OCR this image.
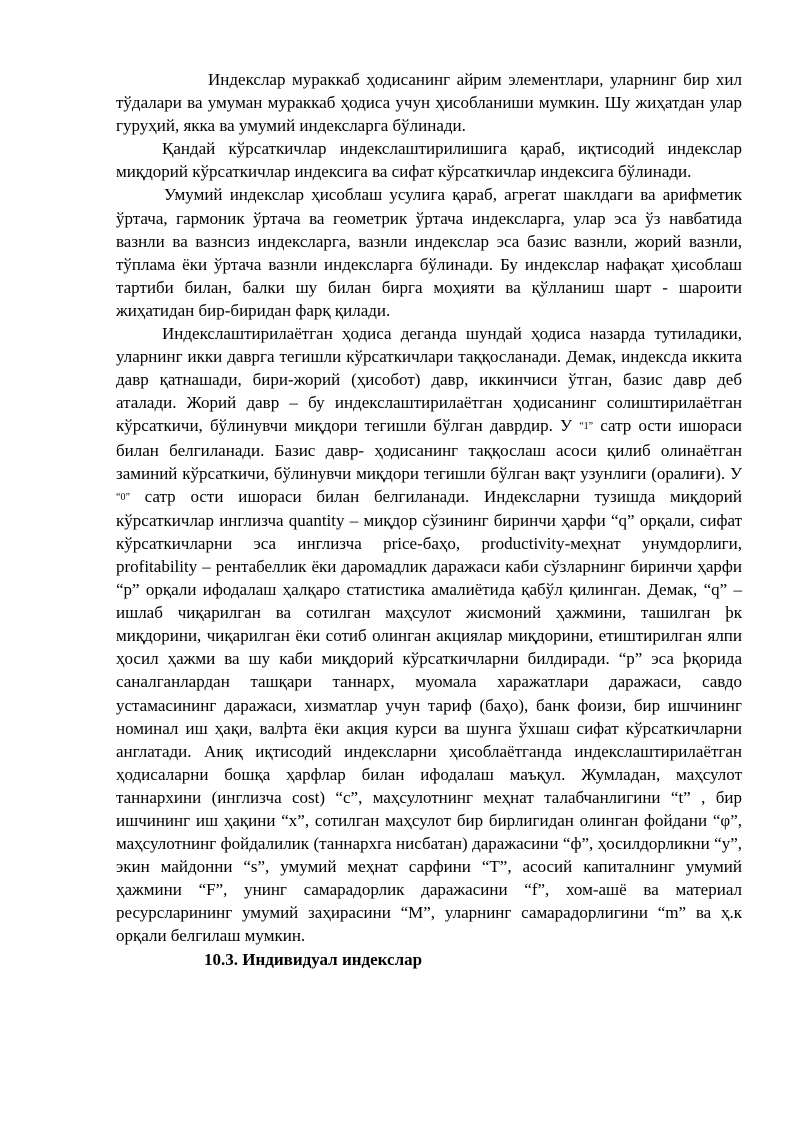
Индекслар мураккаб ҳодисанинг айрим элементлари, уларнинг бир хил тўдалари ва умуман мураккаб ҳодиса учун ҳисобланиши мумкин. Шу жиҳатдан улар гуруҳий, якка ва умумий индексларга бўлинади.

Қандай кўрсаткичлар индекслаштирилишига қараб, иқтисодий индекслар миқдорий кўрсаткичлар индексига ва сифат кўрсаткичлар индексига бўлинади.

Умумий индекслар ҳисоблаш усулига қараб, агрегат шаклдаги ва арифметик ўртача, гармоник ўртача ва геометрик ўртача индексларга, улар эса ўз навбатида вазнли ва вазнсиз индексларга, вазнли индекслар эса базис вазнли, жорий вазнли, тўплама ёки ўртача вазнли индексларга бўлинади. Бу индекслар нафақат ҳисоблаш тартиби билан, балки шу билан бирга моҳияти ва қўлланиш шарт - шароити жиҳатидан бир-биридан фарқ қилади.

Индекслаштирилаётган ҳодиса деганда шундай ҳодиса назарда тутиладики, уларнинг икки даврга тегишли кўрсаткичлари таққосланади. Демак, индексда иккита давр қатнашади, бири-жорий (ҳисобот) давр, иккинчиси ўтган, базис давр деб аталади. Жорий давр – бу индекслаштирилаётган ҳодисанинг солиштирилаётган кўрсаткичи, бўлинувчи миқдори тегишли бўлган даврдир. У “1” сатр ости ишораси билан белгиланади. Базис давр- ҳодисанинг таққослаш асоси қилиб олинаётган заминий кўрсаткичи, бўлинувчи миқдори тегишли бўлган вақт узунлиги (оралиғи). У “0” сатр ости ишораси билан белгиланади. Индексларни тузишда миқдорий кўрсаткичлар инглизча quantity – миқдор сўзининг биринчи ҳарфи “q” орқали, сифат кўрсаткичларни эса инглизча price-баҳо, productivity-меҳнат унумдорлиги, profitability – рентабеллик ёки даромадлик даражаси каби сўзларнинг биринчи ҳарфи “р” орқали ифодалаш ҳалқаро статистика амалиётида қабўл қилинган. Демак, “q” – ишлаб чиқарилган ва сотилган маҳсулот жисмоний ҳажмини, ташилган þк миқдорини, чиқарилган ёки сотиб олинган акциялар миқдорини, етиштирилган ялпи ҳосил ҳажми ва шу каби миқдорий кўрсаткичларни билдиради. “р” эса þқорида саналганлардан ташқари таннарх, муомала харажатлари даражаси, савдо устамасининг даражаси, хизматлар учун тариф (баҳо), банк фоизи, бир ишчининг номинал иш ҳақи, валþта ёки акция курси ва шунга ўхшаш сифат кўрсаткичларни англатади. Аниқ иқтисодий индексларни ҳисоблаётганда индекслаштирилаётган ҳодисаларни бошқа ҳарфлар билан ифодалаш маъқул. Жумладан, маҳсулот таннархини (инглизча cost) “с”, маҳсулотнинг меҳнат талабчанлигини “t” , бир ишчининг иш ҳақини “х”, сотилган маҳсулот бир бирлигидан олинган фойдани “φ”, маҳсулотнинг фойдалилик (таннархга нисбатан) даражасини “ф”, ҳосилдорликни “у”, экин майдонни “s”, умумий меҳнат сарфини “Т”, асосий капиталнинг умумий ҳажмини “F”, унинг самарадорлик даражасини “f”, хом-ашё ва материал ресурсларининг умумий заҳирасини “М”, уларнинг самарадорлигини “m” ва ҳ.к орқали белгилаш мумкин.

10.3. Индивидуал индекслар
